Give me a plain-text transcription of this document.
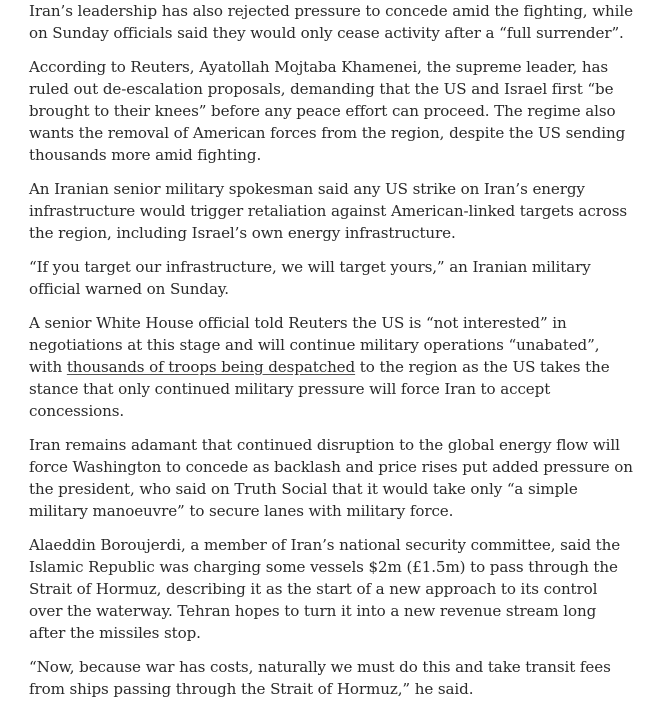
Iran’s leadership has also rejected pressure to concede amid the fighting, while on Sunday officials said they would only cease activity after a “full surrender”.

According to Reuters, Ayatollah Mojtaba Khamenei, the supreme leader, has ruled out de-escalation proposals, demanding that the US and Israel first “be brought to their knees” before any peace effort can proceed. The regime also wants the removal of American forces from the region, despite the US sending thousands more amid fighting.

An Iranian senior military spokesman said any US strike on Iran’s energy infrastructure would trigger retaliation against American-linked targets across the region, including Israel’s own energy infrastructure.

“If you target our infrastructure, we will target yours,” an Iranian military official warned on Sunday.

A senior White House official told Reuters the US is “not interested” in negotiations at this stage and will continue military operations “unabated”, with thousands of troops being despatched to the region as the US takes the stance that only continued military pressure will force Iran to accept concessions.

Iran remains adamant that continued disruption to the global energy flow will force Washington to concede as backlash and price rises put added pressure on the president, who said on Truth Social that it would take only “a simple military manoeuvre” to secure lanes with military force.

Alaeddin Boroujerdi, a member of Iran’s national security committee, said the Islamic Republic was charging some vessels $2m (£1.5m) to pass through the Strait of Hormuz, describing it as the start of a new approach to its control over the waterway. Tehran hopes to turn it into a new revenue stream long after the missiles stop.

“Now, because war has costs, naturally we must do this and take transit fees from ships passing through the Strait of Hormuz,” he said.
